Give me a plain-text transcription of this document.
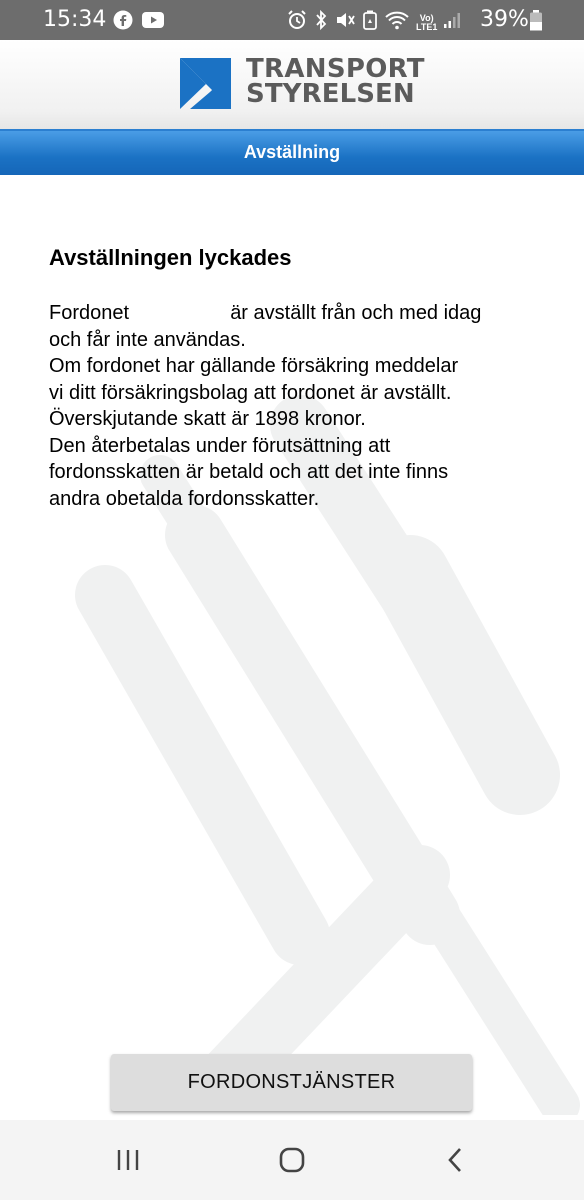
15:34	Vo)
LTE1 39%
TRANSPORT
STYRELSEN
Avställning
Avställningen lyckades
Fordonet	är avställt från och med idag
och får inte användas.
Om fordonet har gällande försäkring meddelar
vi ditt försäkringsbolag att fordonet är avställt.
Överskjutande skatt är 1898 kronor.
Den återbetalas under förutsättning att
fordonsskatten är betald och att det inte finns
andra obetalda fordonsskatter.
FORDONSTJÄNSTER
